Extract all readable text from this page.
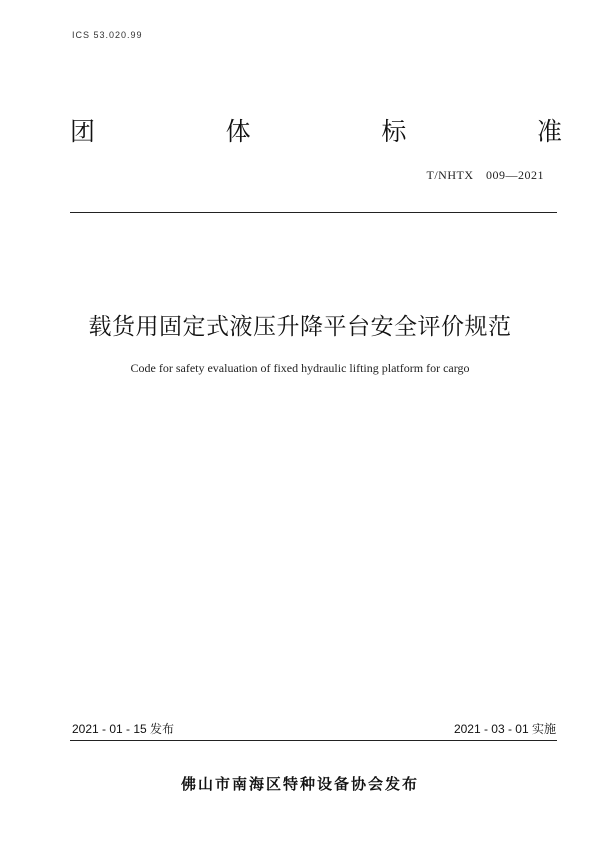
ICS 53.020.99
团	体	标	准
T/NHTX　009—2021
载货用固定式液压升降平台安全评价规范
Code for safety evaluation of fixed hydraulic lifting platform for cargo
2021 - 01 - 15 发布	2021 - 03 - 01 实施
佛山市南海区特种设备协会发布
